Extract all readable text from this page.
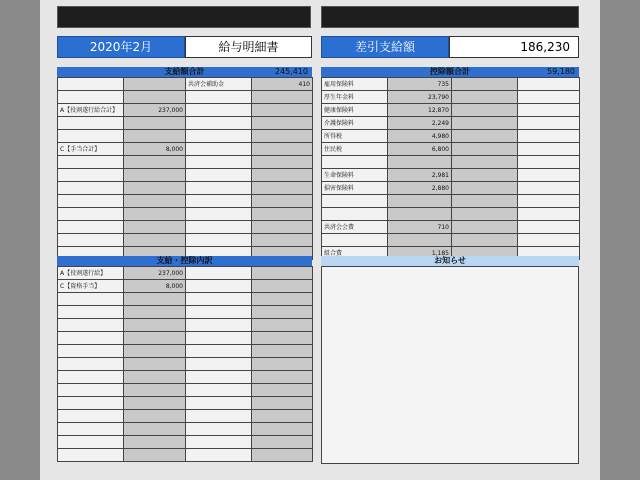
2020年2月	給与明細書	差引支給額	186,230
支給額合計	245,410
		共済会補助金	410

A【役割遂行給合計】	237,000		

C【手当合計】	8,000		

控除額合計	59,180
雇用保険料	735		
厚生年金料	23,790		
健康保険料	12,870		
介護保険料	2,249		
所得税	4,980		
住民税	6,800		

生命保険料	2,981		
損害保険料	2,880		

共済会会費	710		

組合費	1,185		
支給・控除内訳
A【役割遂行給】	237,000		
C【資格手当】	8,000		

お知らせ
